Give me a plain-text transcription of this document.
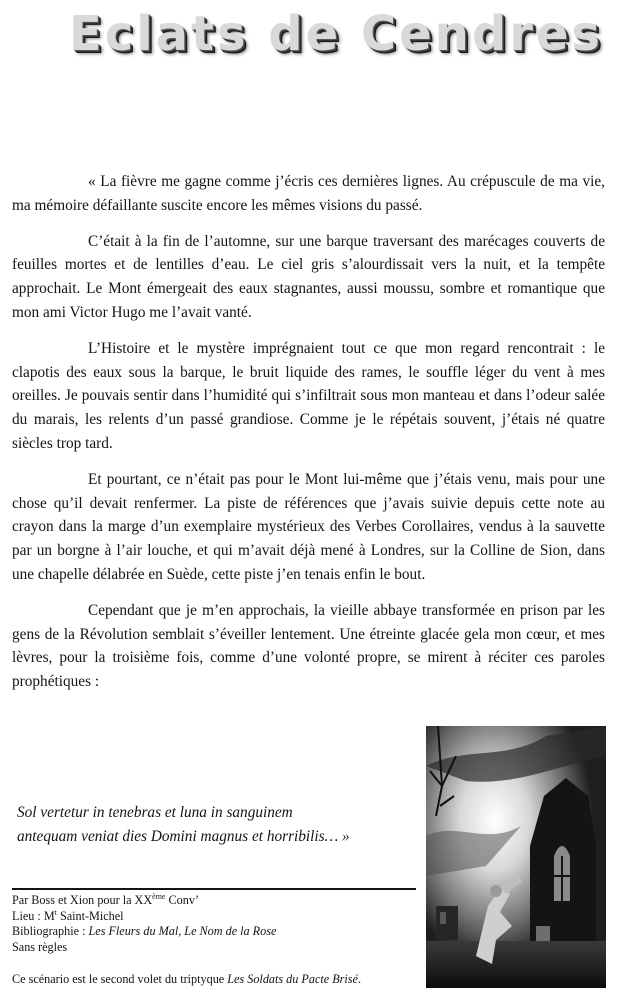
Eclats de Cendres

« La fièvre me gagne comme j’écris ces dernières lignes. Au crépuscule de ma vie, ma mémoire défaillante suscite encore les mêmes visions du passé.

C’était à la fin de l’automne, sur une barque traversant des marécages couverts de feuilles mortes et de lentilles d’eau. Le ciel gris s’alourdissait vers la nuit, et la tempête approchait. Le Mont émergeait des eaux stagnantes, aussi moussu, sombre et romantique que mon ami Victor Hugo me l’avait vanté.

L’Histoire et le mystère imprégnaient tout ce que mon regard rencontrait : le clapotis des eaux sous la barque, le bruit liquide des rames, le souffle léger du vent à mes oreilles. Je pouvais sentir dans l’humidité qui s’infiltrait sous mon manteau et dans l’odeur salée du marais, les relents d’un passé grandiose. Comme je le répétais souvent, j’étais né quatre siècles trop tard.

Et pourtant, ce n’était pas pour le Mont lui-même que j’étais venu, mais pour une chose qu’il devait renfermer. La piste de références que j’avais suivie depuis cette note au crayon dans la marge d’un exemplaire mystérieux des Verbes Corollaires, vendus à la sauvette par un borgne à l’air louche, et qui m’avait déjà mené à Londres, sur la Colline de Sion, dans une chapelle délabrée en Suède, cette piste j’en tenais enfin le bout.

Cependant que je m’en approchais, la vieille abbaye transformée en prison par les gens de la Révolution semblait s’éveiller lentement. Une étreinte glacée gela mon cœur, et mes lèvres, pour la troisième fois, comme d’une volonté propre, se mirent à réciter ces paroles prophétiques :

Sol vertetur in tenebras et luna in sanguinem
antequam veniat dies Domini magnus et horribilis… »
Par Boss et Xion pour la XXème Conv’
Lieu : $M^t$ Saint-Michel
Bibliographie : Les Fleurs du Mal, Le Nom de la Rose
Sans règles
Ce scénario est le second volet du triptyque Les Soldats du Pacte Brisé.
